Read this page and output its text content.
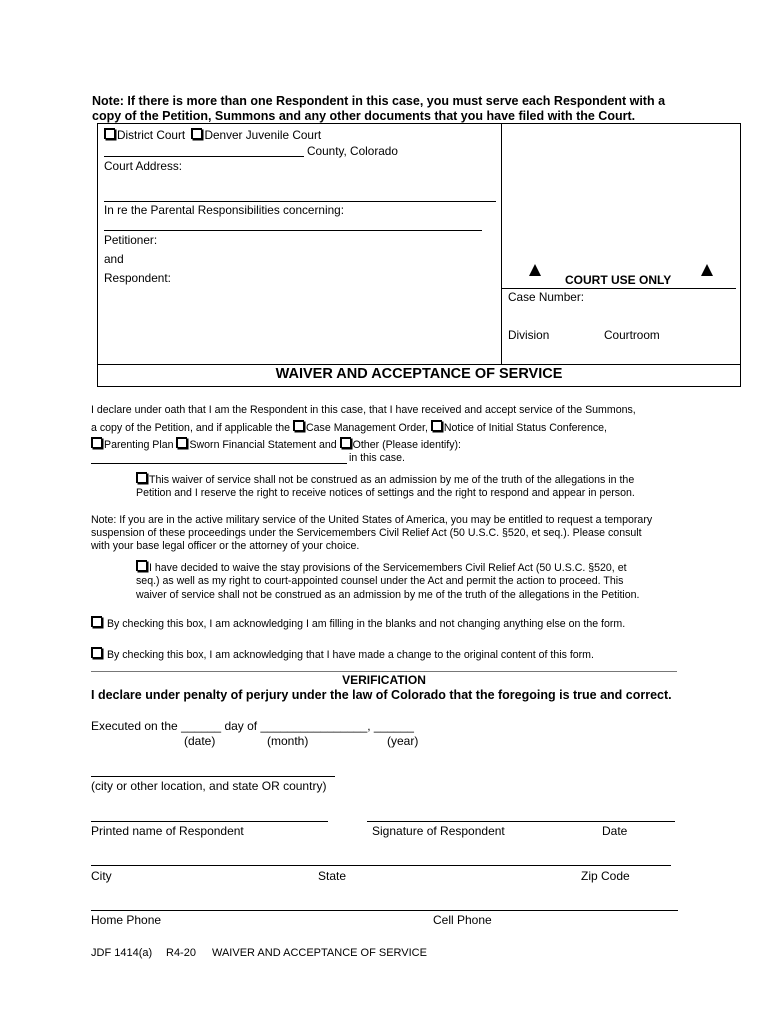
Note: If there is more than one Respondent in this case, you must serve each Respondent with a
copy of the Petition, Summons and any other documents that you have filed with the Court.
District Court Denver Juvenile Court
County, Colorado
Court Address:
In re the Parental Responsibilities concerning:
Petitioner:
and
Respondent:	COURT USE ONLY
Case Number:
Division	Courtroom
WAIVER AND ACCEPTANCE OF SERVICE
I declare under oath that I am the Respondent in this case, that I have received and accept service of the Summons,
a copy of the Petition, and if applicable the Case Management Order, Notice of Initial Status Conference,
Parenting Plan Sworn Financial Statement and Other (Please identify):
in this case.
This waiver of service shall not be construed as an admission by me of the truth of the allegations in the
Petition and I reserve the right to receive notices of settings and the right to respond and appear in person.
Note: If you are in the active military service of the United States of America, you may be entitled to request a temporary
suspension of these proceedings under the Servicemembers Civil Relief Act (50 U.S.C. §520, et seq.). Please consult
with your base legal officer or the attorney of your choice.
I have decided to waive the stay provisions of the Servicemembers Civil Relief Act (50 U.S.C. §520, et
seq.) as well as my right to court-appointed counsel under the Act and permit the action to proceed. This
waiver of service shall not be construed as an admission by me of the truth of the allegations in the Petition.
By checking this box, I am acknowledging I am filling in the blanks and not changing anything else on the form.
By checking this box, I am acknowledging that I have made a change to the original content of this form.
VERIFICATION
I declare under penalty of perjury under the law of Colorado that the foregoing is true and correct.
Executed on the ______ day of ________________, ______
(date)	(month)	(year)
(city or other location, and state OR country)
Printed name of Respondent	Signature of Respondent	Date
City	State	Zip Code
Home Phone	Cell Phone
JDF 1414(a) R4-20 WAIVER AND ACCEPTANCE OF SERVICE
